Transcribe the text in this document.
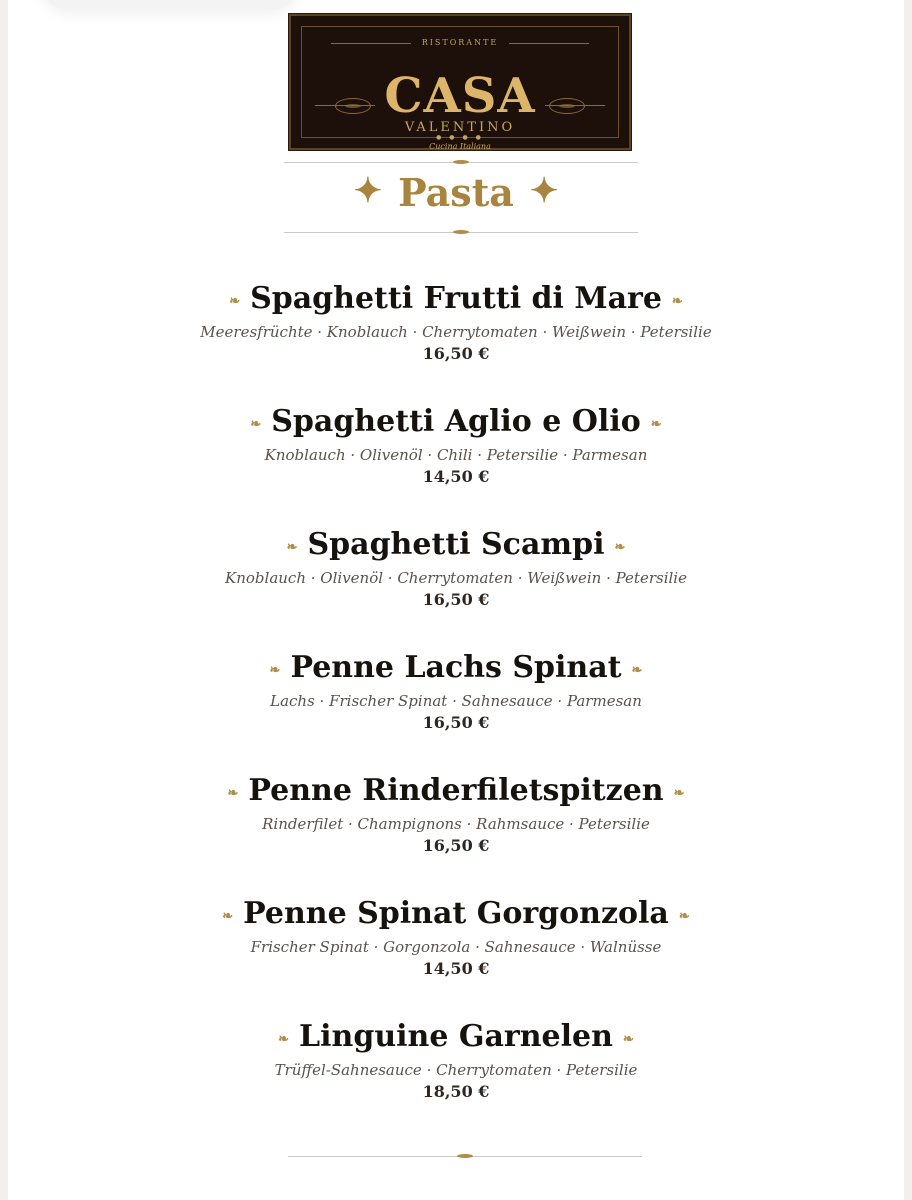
RISTORANTE
CASA
VALENTINO
● ● ● ●
Cucina Italiana
✦ Pasta ✦
❧ Spaghetti Frutti di Mare ❧
Meeresfrüchte · Knoblauch · Cherrytomaten · Weißwein · Petersilie
16,50 €
❧ Spaghetti Aglio e Olio ❧
Knoblauch · Olivenöl · Chili · Petersilie · Parmesan
14,50 €
❧ Spaghetti Scampi ❧
Knoblauch · Olivenöl · Cherrytomaten · Weißwein · Petersilie
16,50 €
❧ Penne Lachs Spinat ❧
Lachs · Frischer Spinat · Sahnesauce · Parmesan
16,50 €
❧ Penne Rinderfiletspitzen ❧
Rinderfilet · Champignons · Rahmsauce · Petersilie
16,50 €
❧ Penne Spinat Gorgonzola ❧
Frischer Spinat · Gorgonzola · Sahnesauce · Walnüsse
14,50 €
❧ Linguine Garnelen ❧
Trüffel-Sahnesauce · Cherrytomaten · Petersilie
18,50 €
